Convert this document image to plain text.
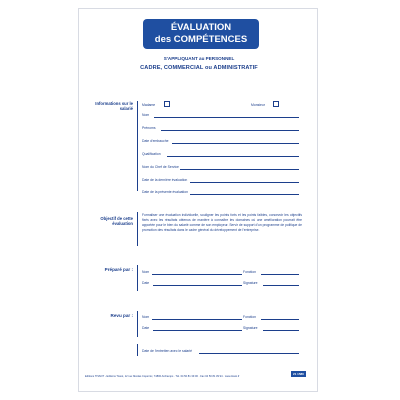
ÉVALUATION
des COMPÉTENCES
S'APPLIQUANT au PERSONNEL
CADRE, COMMERCIAL ou ADMINISTRATIF
Informations sur le salarié
Madame	Monsieur
Nom
Prénoms
Date d'embauche
Qualification
Nom du Chef de Service
Date de la dernière évaluation
Date de la présente évaluation
Objectif de cette évaluation
Formaliser une évaluation individuelle, souligner les points forts et les points faibles, concevoir les objectifs fixés avec les résultats obtenus de manière à connaître les domaines où une amélioration pourrait être apportée pour le bien du salarié comme de son employeur. Servir de support d'un programme de politique de promotion des résultats dans le cadre général du développement de l'entreprise.
Préparé par :	Nom	Fonction
Date	Signature
Revu par :	Nom	Fonction
Date	Signature
Date de l'entretien avec le salarié
Éditions TISSOT - Éditions Tissot, 12 rue Nicolas Copernic, 74800 Archamps · Tél. 04 50 81 39 00 · Fax 04 50 81 39 94 · www.tissot.fr
21 1580
